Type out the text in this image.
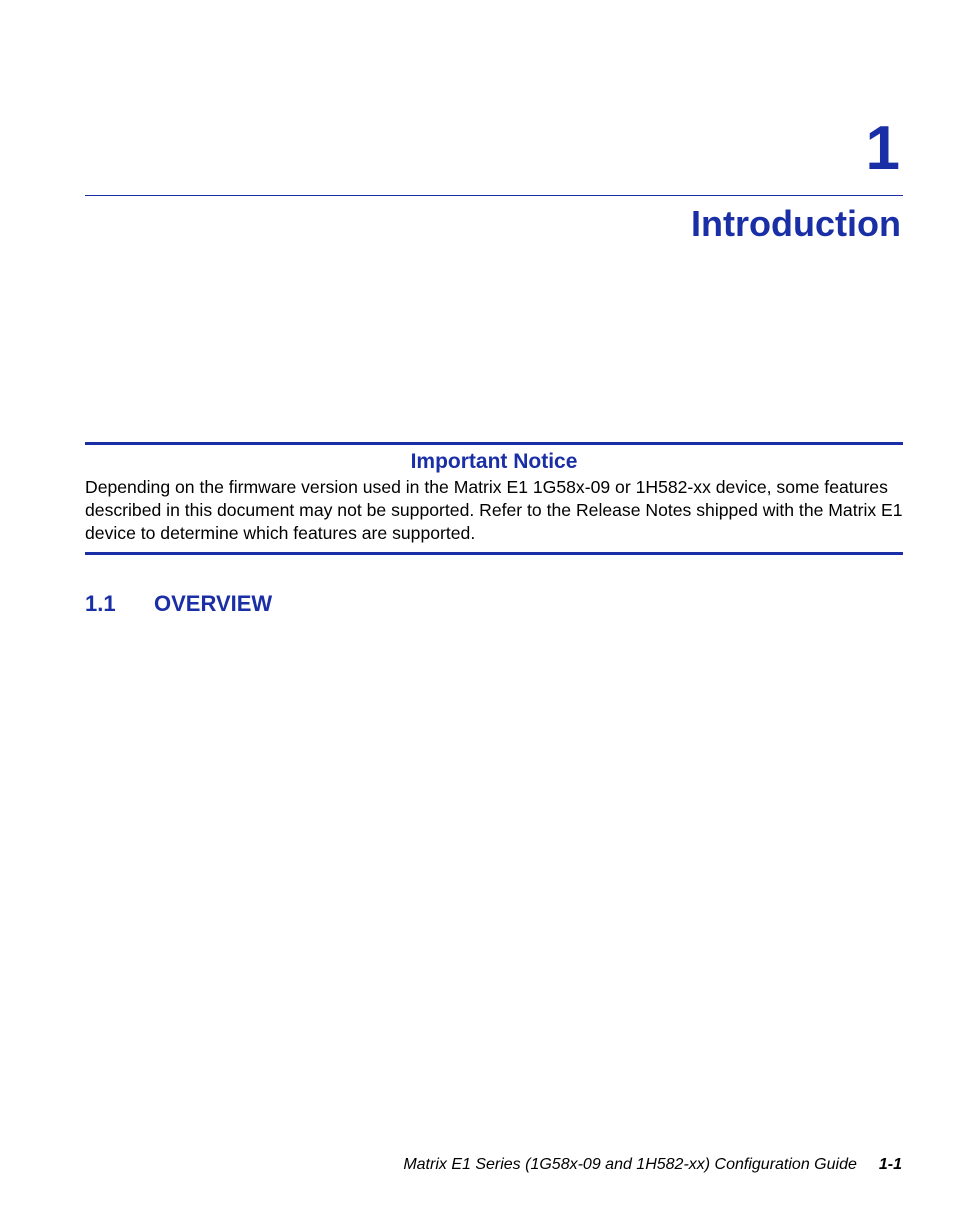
1
Introduction
Important Notice
Depending on the firmware version used in the Matrix E1 1G58x-09 or 1H582-xx device, some features described in this document may not be supported. Refer to the Release Notes shipped with the Matrix E1 device to determine which features are supported.
1.1 OVERVIEW
Matrix E1 Series (1G58x-09 and 1H582-xx) Configuration Guide 1-1
